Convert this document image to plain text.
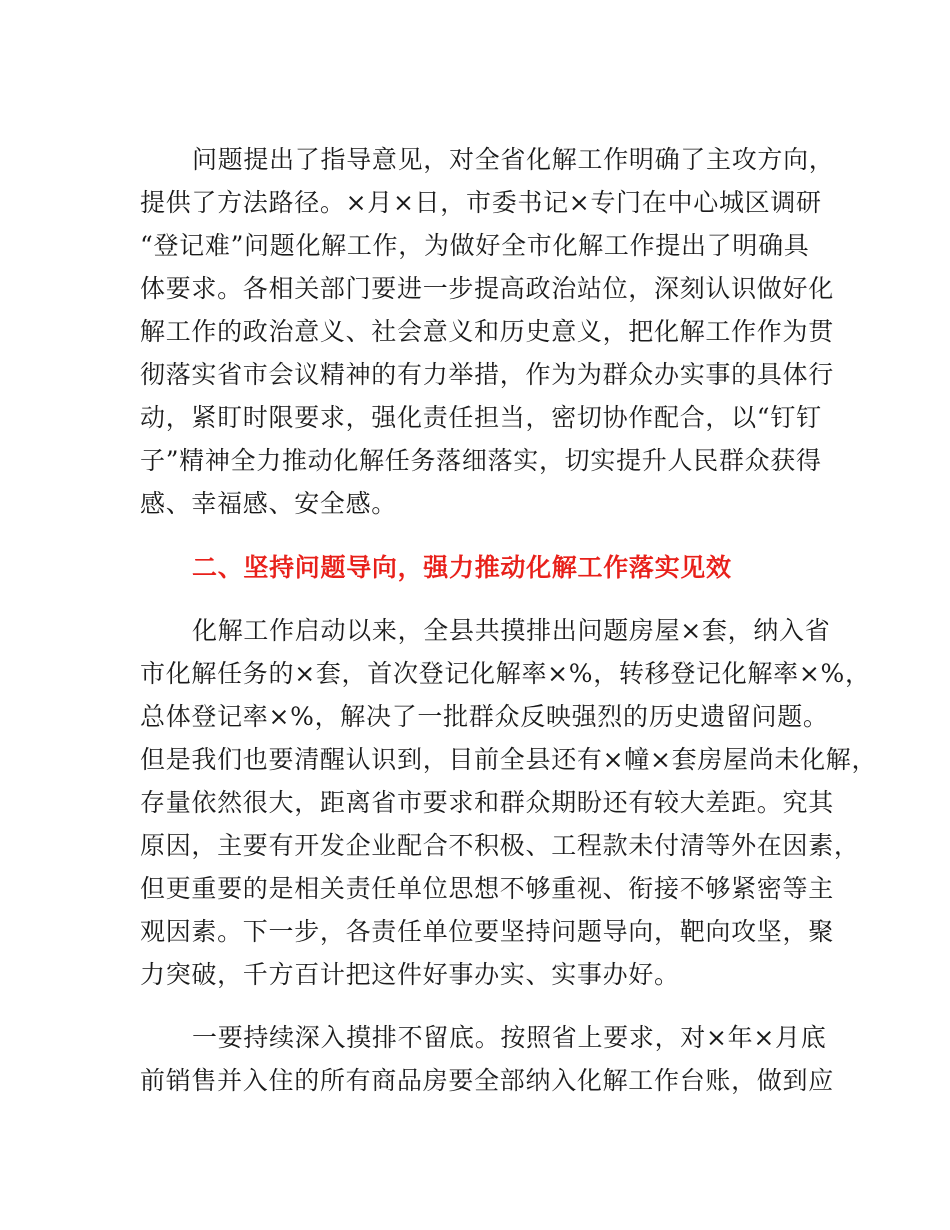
问题提出了指导意见，对全省化解工作明确了主攻方向，
提供了方法路径。×月×日，市委书记×专门在中心城区调研
“登记难”问题化解工作，为做好全市化解工作提出了明确具
体要求。各相关部门要进一步提高政治站位，深刻认识做好化
解工作的政治意义、社会意义和历史意义，把化解工作作为贯
彻落实省市会议精神的有力举措，作为为群众办实事的具体行
动，紧盯时限要求，强化责任担当，密切协作配合，以“钉钉
子”精神全力推动化解任务落细落实，切实提升人民群众获得
感、幸福感、安全感。
二、坚持问题导向，强力推动化解工作落实见效
化解工作启动以来，全县共摸排出问题房屋×套，纳入省
市化解任务的×套，首次登记化解率×%，转移登记化解率×%，
总体登记率×%，解决了一批群众反映强烈的历史遗留问题。
但是我们也要清醒认识到，目前全县还有×幢×套房屋尚未化解，
存量依然很大，距离省市要求和群众期盼还有较大差距。究其
原因，主要有开发企业配合不积极、工程款未付清等外在因素，
但更重要的是相关责任单位思想不够重视、衔接不够紧密等主
观因素。下一步，各责任单位要坚持问题导向，靶向攻坚，聚
力突破，千方百计把这件好事办实、实事办好。
一要持续深入摸排不留底。按照省上要求，对×年×月底
前销售并入住的所有商品房要全部纳入化解工作台账，做到应
